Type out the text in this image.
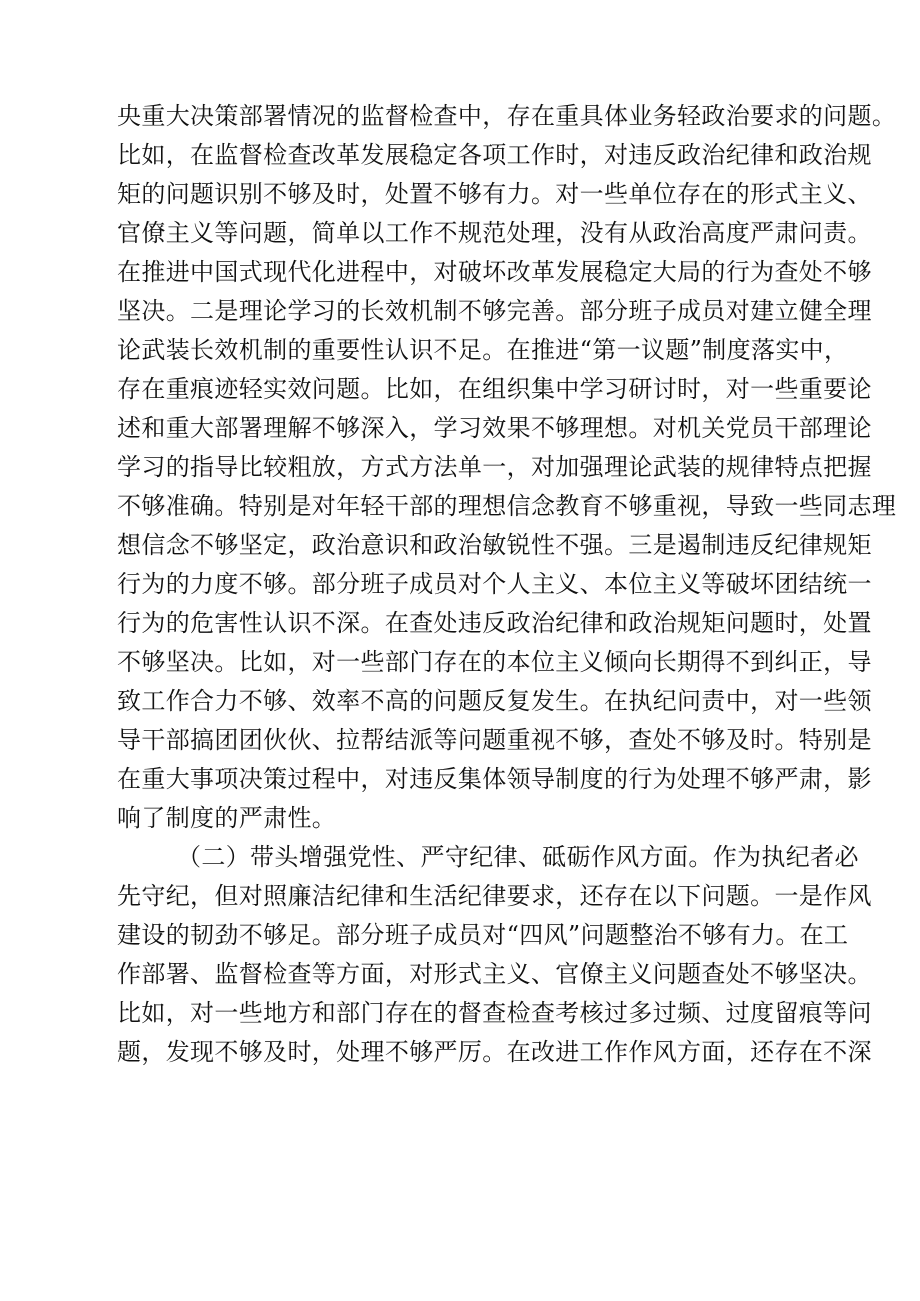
央重大决策部署情况的监督检查中，存在重具体业务轻政治要求的问题。
比如，在监督检查改革发展稳定各项工作时，对违反政治纪律和政治规
矩的问题识别不够及时，处置不够有力。对一些单位存在的形式主义、
官僚主义等问题，简单以工作不规范处理，没有从政治高度严肃问责。
在推进中国式现代化进程中，对破坏改革发展稳定大局的行为查处不够
坚决。二是理论学习的长效机制不够完善。部分班子成员对建立健全理
论武装长效机制的重要性认识不足。在推进“第一议题”制度落实中，
存在重痕迹轻实效问题。比如，在组织集中学习研讨时，对一些重要论
述和重大部署理解不够深入，学习效果不够理想。对机关党员干部理论
学习的指导比较粗放，方式方法单一，对加强理论武装的规律特点把握
不够准确。特别是对年轻干部的理想信念教育不够重视，导致一些同志理
想信念不够坚定，政治意识和政治敏锐性不强。三是遏制违反纪律规矩
行为的力度不够。部分班子成员对个人主义、本位主义等破坏团结统一
行为的危害性认识不深。在查处违反政治纪律和政治规矩问题时，处置
不够坚决。比如，对一些部门存在的本位主义倾向长期得不到纠正，导
致工作合力不够、效率不高的问题反复发生。在执纪问责中，对一些领
导干部搞团团伙伙、拉帮结派等问题重视不够，查处不够及时。特别是
在重大事项决策过程中，对违反集体领导制度的行为处理不够严肃，影
响了制度的严肃性。
（二）带头增强党性、严守纪律、砥砺作风方面。作为执纪者必
先守纪，但对照廉洁纪律和生活纪律要求，还存在以下问题。一是作风
建设的韧劲不够足。部分班子成员对“四风”问题整治不够有力。在工
作部署、监督检查等方面，对形式主义、官僚主义问题查处不够坚决。
比如，对一些地方和部门存在的督查检查考核过多过频、过度留痕等问
题，发现不够及时，处理不够严厉。在改进工作作风方面，还存在不深
